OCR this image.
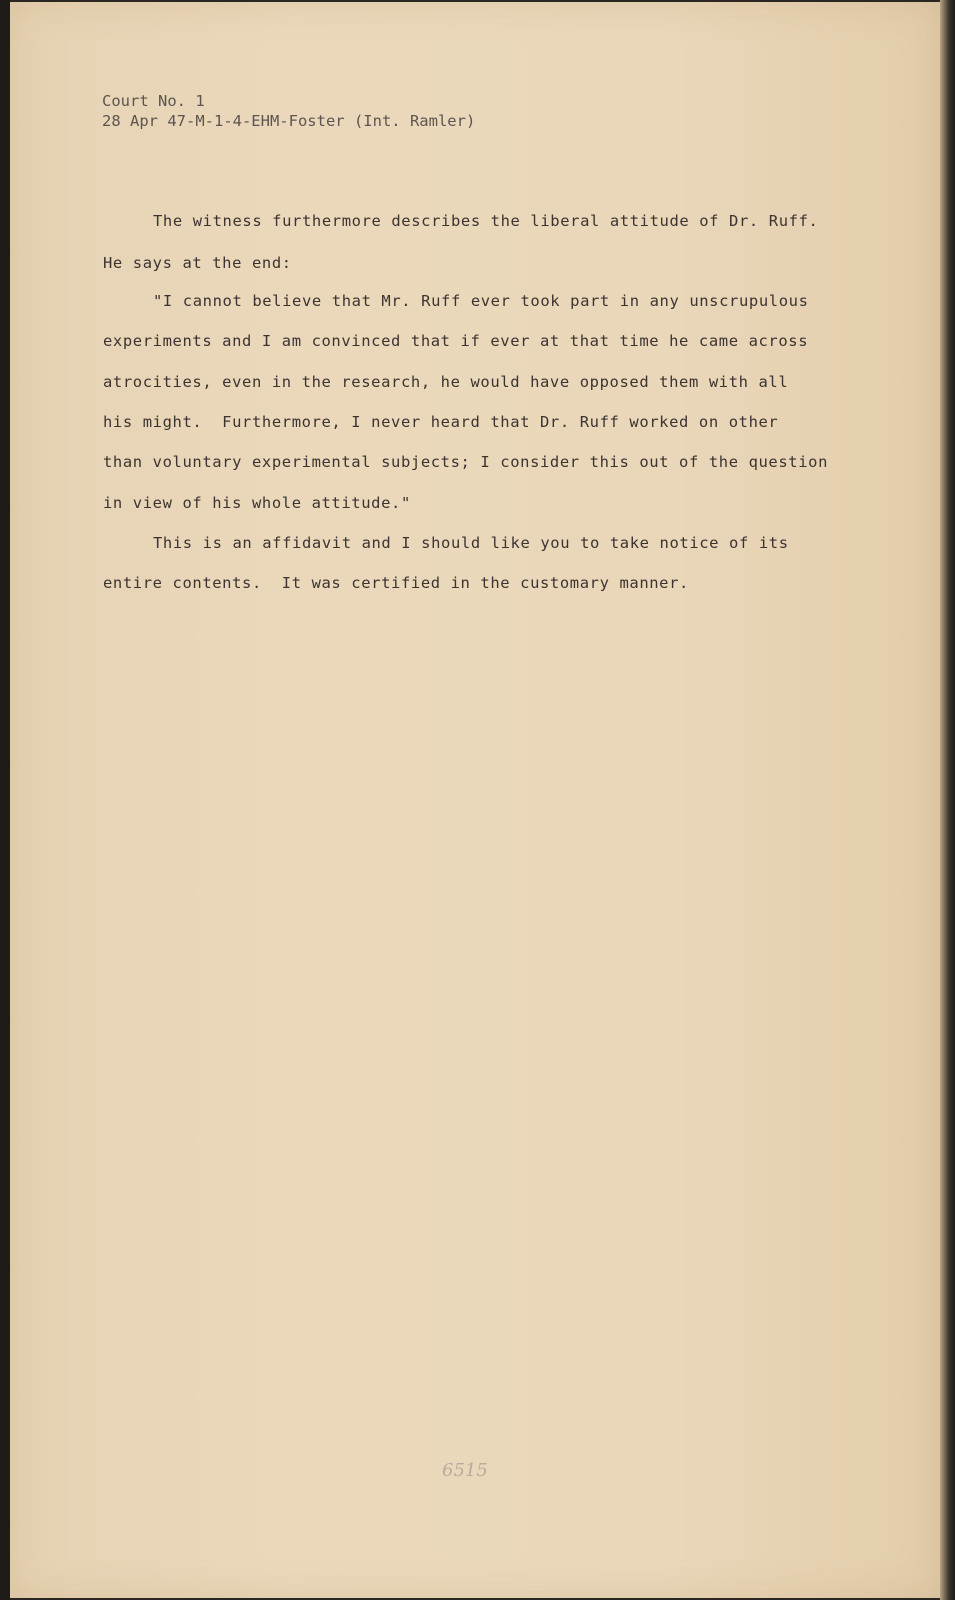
Court No. 1
28 Apr 47-M-1-4-EHM-Foster (Int. Ramler)
The witness furthermore describes the liberal attitude of Dr. Ruff.
He says at the end:
"I cannot believe that Mr. Ruff ever took part in any unscrupulous
experiments and I am convinced that if ever at that time he came across
atrocities, even in the research, he would have opposed them with all
his might.  Furthermore, I never heard that Dr. Ruff worked on other
than voluntary experimental subjects; I consider this out of the question
in view of his whole attitude."
This is an affidavit and I should like you to take notice of its
entire contents.  It was certified in the customary manner.
6515
